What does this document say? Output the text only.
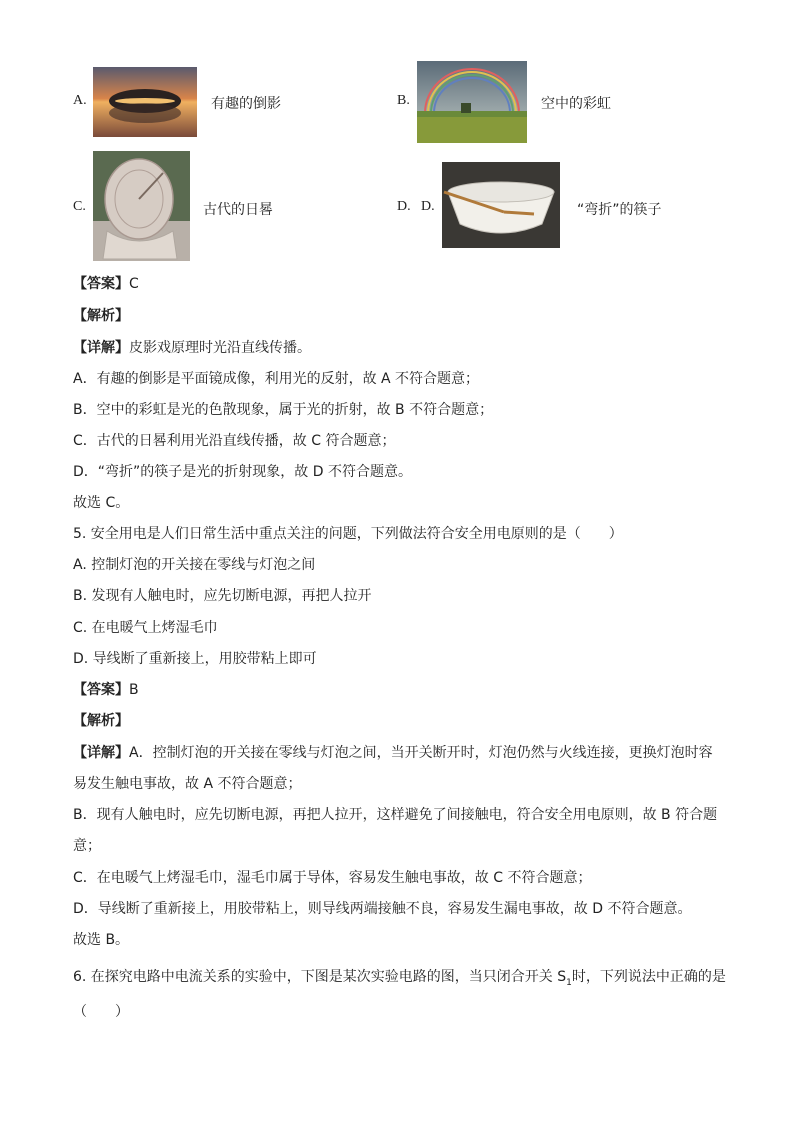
A.	有趣的倒影	B.	空中的彩虹
C.	古代的日晷	D. D.	“弯折”的筷子
【答案】C
【解析】
【详解】皮影戏原理时光沿直线传播。
A．有趣的倒影是平面镜成像，利用光的反射，故 A 不符合题意；
B．空中的彩虹是光的色散现象，属于光的折射，故 B 不符合题意；
C．古代的日晷利用光沿直线传播，故 C 符合题意；
D．“弯折”的筷子是光的折射现象，故 D 不符合题意。
故选 C。
5. 安全用电是人们日常生活中重点关注的问题，下列做法符合安全用电原则的是（　　）
A. 控制灯泡的开关接在零线与灯泡之间
B. 发现有人触电时，应先切断电源，再把人拉开
C. 在电暖气上烤湿毛巾
D. 导线断了重新接上，用胶带粘上即可
【答案】B
【解析】
【详解】A．控制灯泡的开关接在零线与灯泡之间，当开关断开时，灯泡仍然与火线连接，更换灯泡时容
易发生触电事故，故 A 不符合题意；
B．现有人触电时，应先切断电源，再把人拉开，这样避免了间接触电，符合安全用电原则，故 B 符合题
意；
C．在电暖气上烤湿毛巾，湿毛巾属于导体，容易发生触电事故，故 C 不符合题意；
D．导线断了重新接上，用胶带粘上，则导线两端接触不良，容易发生漏电事故，故 D 不符合题意。
故选 B。
6. 在探究电路中电流关系的实验中，下图是某次实验电路的图，当只闭合开关 $S_1$时，下列说法中正确的是
（　　）
